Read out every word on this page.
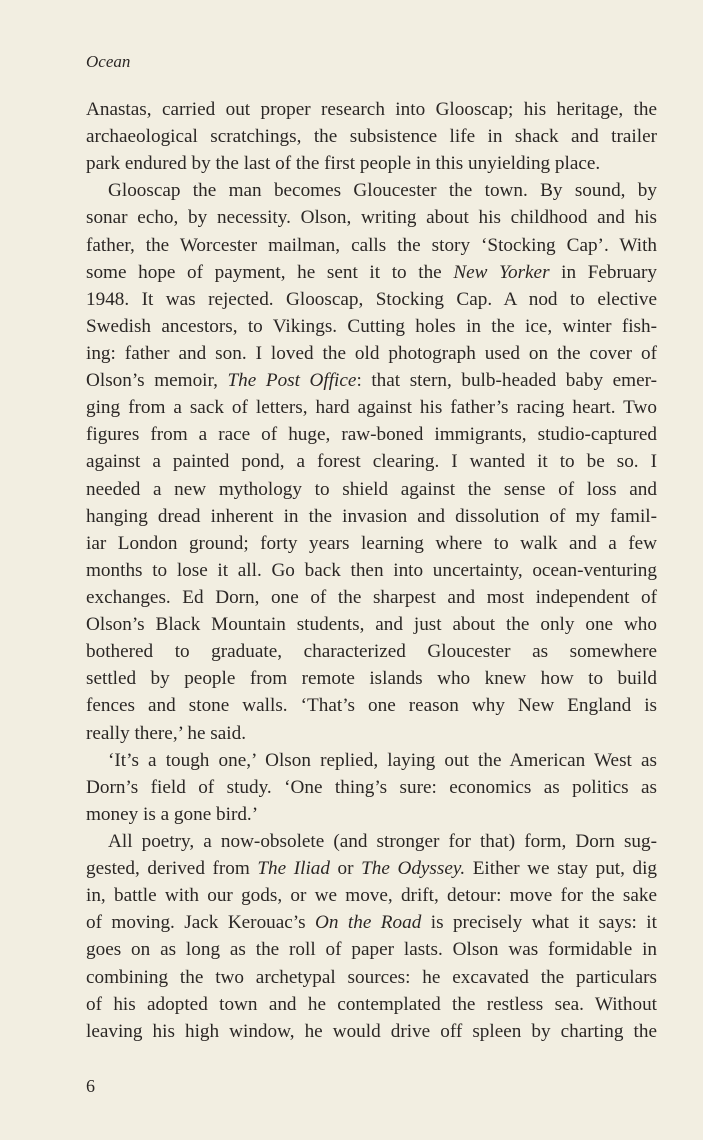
Ocean
Anastas, carried out proper research into Glooscap; his heritage, the
archaeological scratchings, the subsistence life in shack and trailer
park endured by the last of the first people in this unyielding place.
Glooscap the man becomes Gloucester the town. By sound, by
sonar echo, by necessity. Olson, writing about his childhood and his
father, the Worcester mailman, calls the story ‘Stocking Cap’. With
some hope of payment, he sent it to the New Yorker in February
1948. It was rejected. Glooscap, Stocking Cap. A nod to elective
Swedish ancestors, to Vikings. Cutting holes in the ice, winter fish-
ing: father and son. I loved the old photograph used on the cover of
Olson’s memoir, The Post Office: that stern, bulb-headed baby emer-
ging from a sack of letters, hard against his father’s racing heart. Two
figures from a race of huge, raw-boned immigrants, studio-captured
against a painted pond, a forest clearing. I wanted it to be so. I
needed a new mythology to shield against the sense of loss and
hanging dread inherent in the invasion and dissolution of my famil-
iar London ground; forty years learning where to walk and a few
months to lose it all. Go back then into uncertainty, ocean-venturing
exchanges. Ed Dorn, one of the sharpest and most independent of
Olson’s Black Mountain students, and just about the only one who
bothered to graduate, characterized Gloucester as somewhere
settled by people from remote islands who knew how to build
fences and stone walls. ‘That’s one reason why New England is
really there,’ he said.
‘It’s a tough one,’ Olson replied, laying out the American West as
Dorn’s field of study. ‘One thing’s sure: economics as politics as
money is a gone bird.’
All poetry, a now-obsolete (and stronger for that) form, Dorn sug-
gested, derived from The Iliad or The Odyssey. Either we stay put, dig
in, battle with our gods, or we move, drift, detour: move for the sake
of moving. Jack Kerouac’s On the Road is precisely what it says: it
goes on as long as the roll of paper lasts. Olson was formidable in
combining the two archetypal sources: he excavated the particulars
of his adopted town and he contemplated the restless sea. Without
leaving his high window, he would drive off spleen by charting the
6
